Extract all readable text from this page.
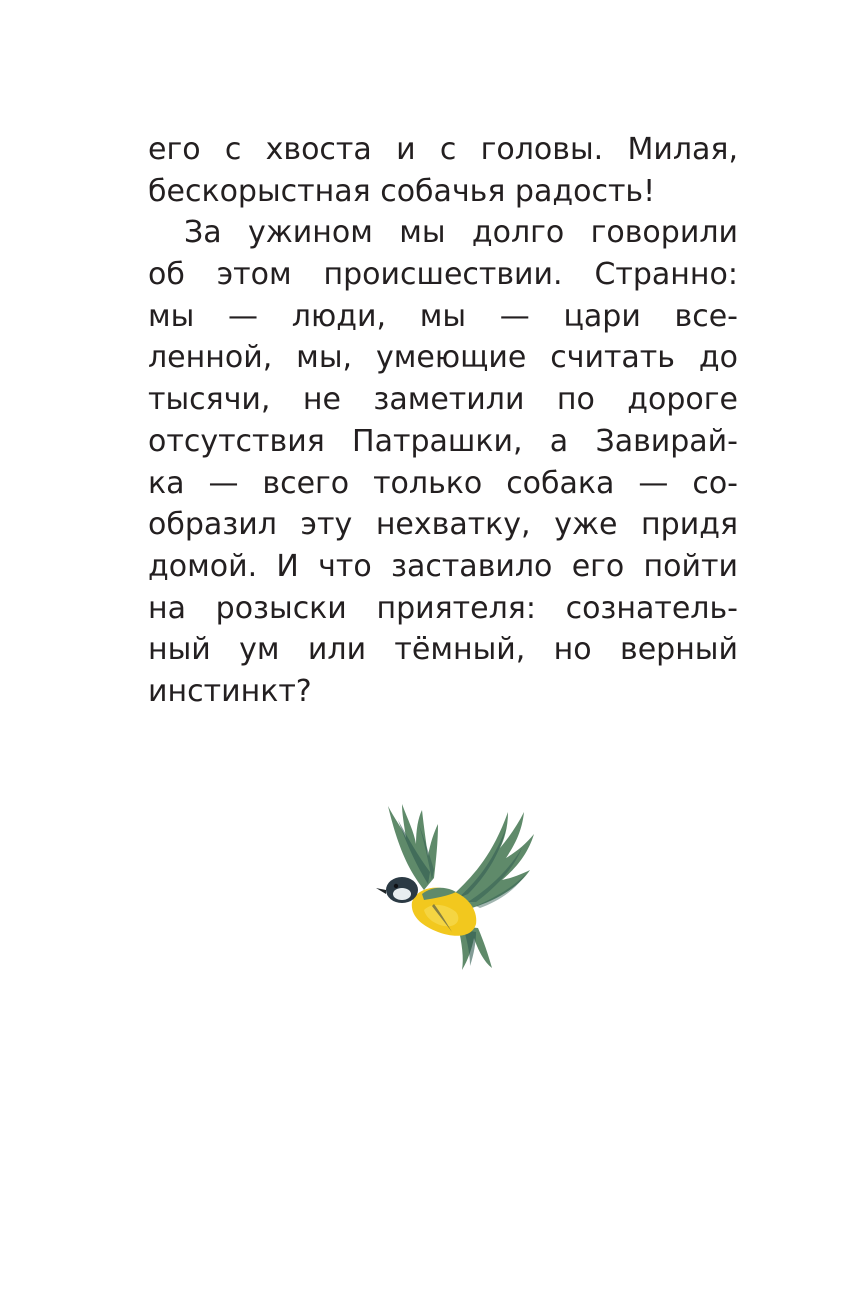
его с хвоста и с головы. Милая,
бескорыстная собачья радость!
За ужином мы долго говорили
об этом происшествии. Странно:
мы — люди, мы — цари все-
ленной, мы, умеющие считать до
тысячи, не заметили по дороге
отсутствия Патрашки, а Завирай-
ка — всего только собака — со-
образил эту нехватку, уже придя
домой. И что заставило его пойти
на розыски приятеля: сознатель-
ный ум или тёмный, но верный
инстинкт?
